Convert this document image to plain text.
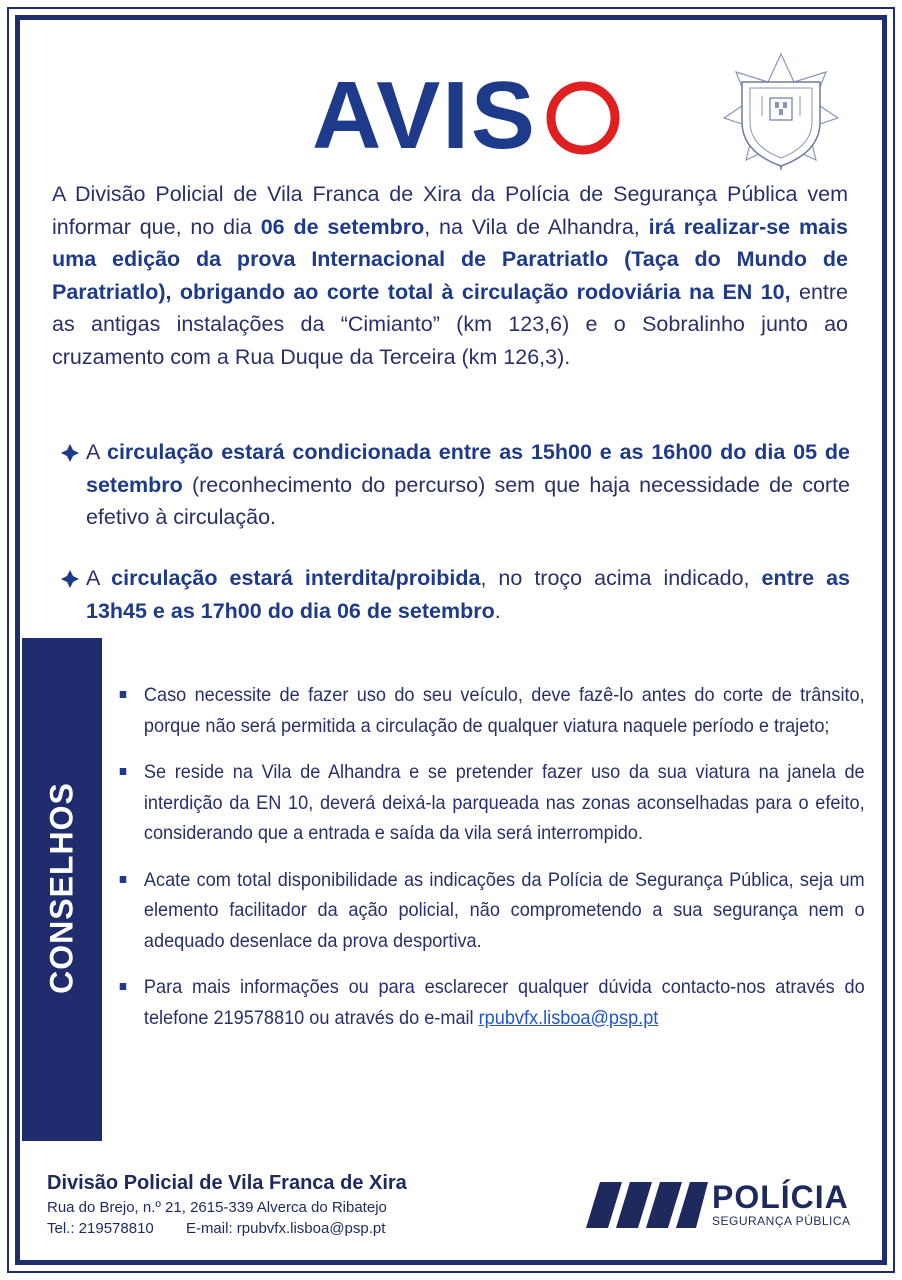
AVIS
A Divisão Policial de Vila Franca de Xira da Polícia de Segurança Pública vem informar que, no dia 06 de setembro, na Vila de Alhandra, irá realizar-se mais uma edição da prova Internacional de Paratriatlo (Taça do Mundo de Paratriatlo), obrigando ao corte total à circulação rodoviária na EN 10, entre as antigas instalações da “Cimianto” (km 123,6) e o Sobralinho junto ao cruzamento com a Rua Duque da Terceira (km 126,3).
A circulação estará condicionada entre as 15h00 e as 16h00 do dia 05 de setembro (reconhecimento do percurso) sem que haja necessidade de corte efetivo à circulação.
A circulação estará interdita/proibida, no troço acima indicado, entre as 13h45 e as 17h00 do dia 06 de setembro.
CONSELHOS
Caso necessite de fazer uso do seu veículo, deve fazê-lo antes do corte de trânsito, porque não será permitida a circulação de qualquer viatura naquele período e trajeto;
Se reside na Vila de Alhandra e se pretender fazer uso da sua viatura na janela de interdição da EN 10, deverá deixá-la parqueada nas zonas aconselhadas para o efeito, considerando que a entrada e saída da vila será interrompido.
Acate com total disponibilidade as indicações da Polícia de Segurança Pública, seja um elemento facilitador da ação policial, não comprometendo a sua segurança nem o adequado desenlace da prova desportiva.
Para mais informações ou para esclarecer qualquer dúvida contacto-nos através do telefone 219578810 ou através do e-mail rpubvfx.lisboa@psp.pt
Divisão Policial de Vila Franca de Xira
Rua do Brejo, n.º 21, 2615-339 Alverca do Ribatejo
Tel.: 219578810 E-mail: rpubvfx.lisboa@psp.pt
POLÍCIA
SEGURANÇA PÚBLICA
